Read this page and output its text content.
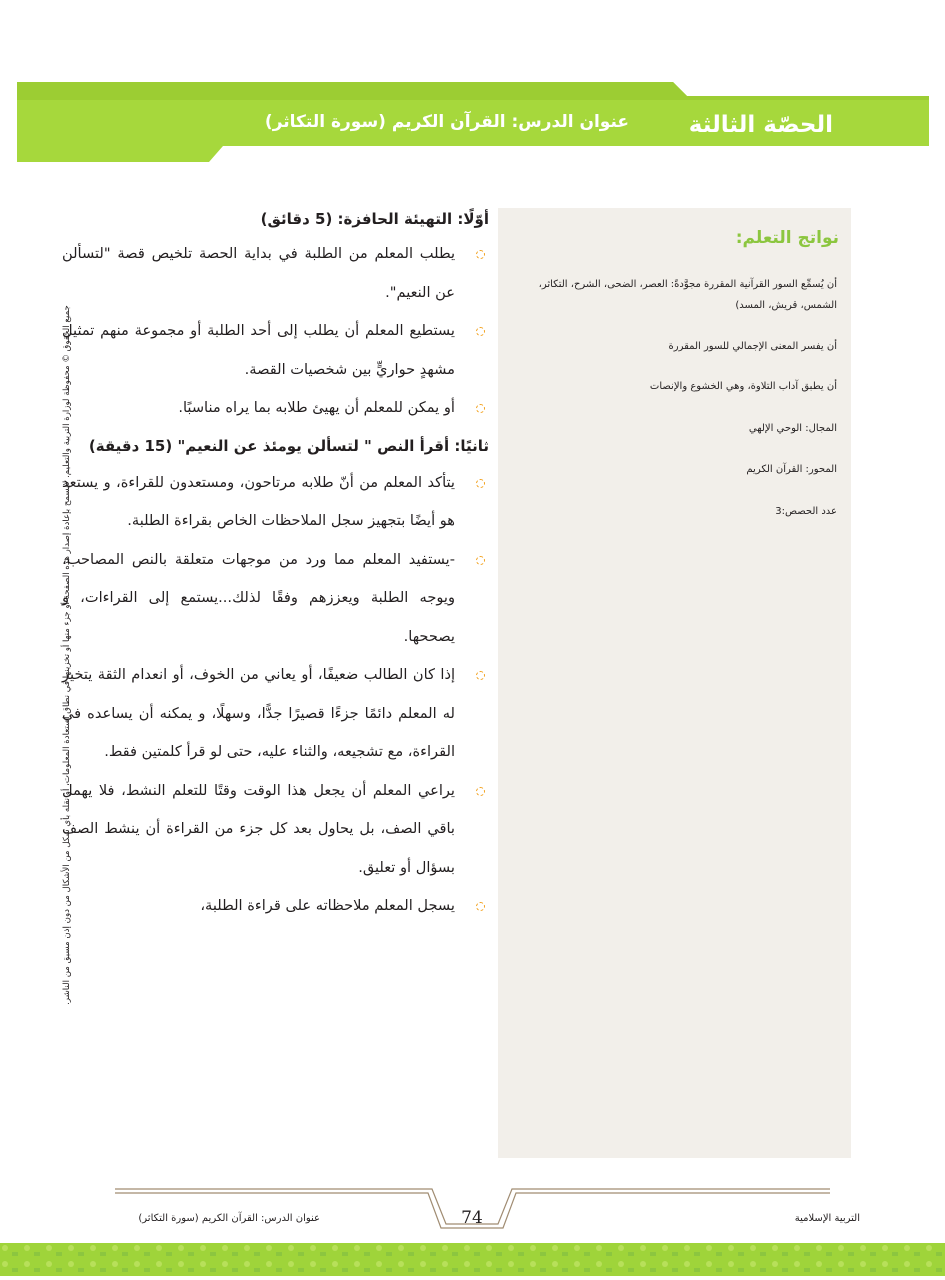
الحصّة الثالثة
عنوان الدرس: القرآن الكريم (سورة التكاثر)
نواتج التعلم:
أن يُسمِّع السور القرآنية المقررة مجوَّدةً: العصر، الضحى، الشرح، التكاثر،
الشمس، قريش، المسد)
أن يفسر المعنى الإجمالي للسور المقررة
أن يطبق آداب التلاوة، وهي الخشوع والإنصات
المجال: الوحي الإلهي
المحور: القرآن الكريم
عدد الحصص:3

أوّلًا: التهيئة الحافزة: (5 دقائق)

يطلب المعلم من الطلبة في بداية الحصة تلخيص قصة "لتسألن عن النعيم".

يستطيع المعلم أن يطلب إلى أحد الطلبة أو مجموعة منهم تمثيل مشهدٍ حواريٍّ بين شخصيات القصة.

أو يمكن للمعلم أن يهيئ طلابه بما يراه مناسبًا.

ثانيًا: أقرأ النص " لتسألن يومئذ عن النعيم" (15 دقيقة)

يتأكد المعلم من أنّ طلابه مرتاحون، ومستعدون للقراءة، و يستعد هو أيضًا بتجهيز سجل الملاحظات الخاص بقراءة الطلبة.

-يستفيد المعلم مما ورد من موجهات متعلقة بالنص المصاحب، ويوجه الطلبة ويعززهم وفقًا لذلك...يستمع إلى القراءات، و يصححها.

إذا كان الطالب ضعيفًا، أو يعاني من الخوف، أو انعدام الثقة يتخير له المعلم دائمًا جزءًا قصيرًا جدًّا، وسهلًا، و يمكنه أن يساعده في القراءة، مع تشجيعه، والثناء عليه، حتى لو قرأ كلمتين فقط.

يراعي المعلم أن يجعل هذا الوقت وقتًا للتعلم النشط، فلا يهمل باقي الصف، بل يحاول بعد كل جزء من القراءة أن ينشط الصف بسؤال أو تعليق.

يسجل المعلم ملاحظاته على قراءة الطلبة،

جميع الحقوق © محفوظة لوزارة التربية والتعليم. لايسمح بإعادة إصدار هذه الصفحة أو جزء منها أو تخزينها في نطاق استعادة المعلومات، أو نقله بأي شكل من الأشكال من دون إذن مسبق من الناشر.
74
عنوان الدرس: القرآن الكريم (سورة التكاثر)	التربية الإسلامية
